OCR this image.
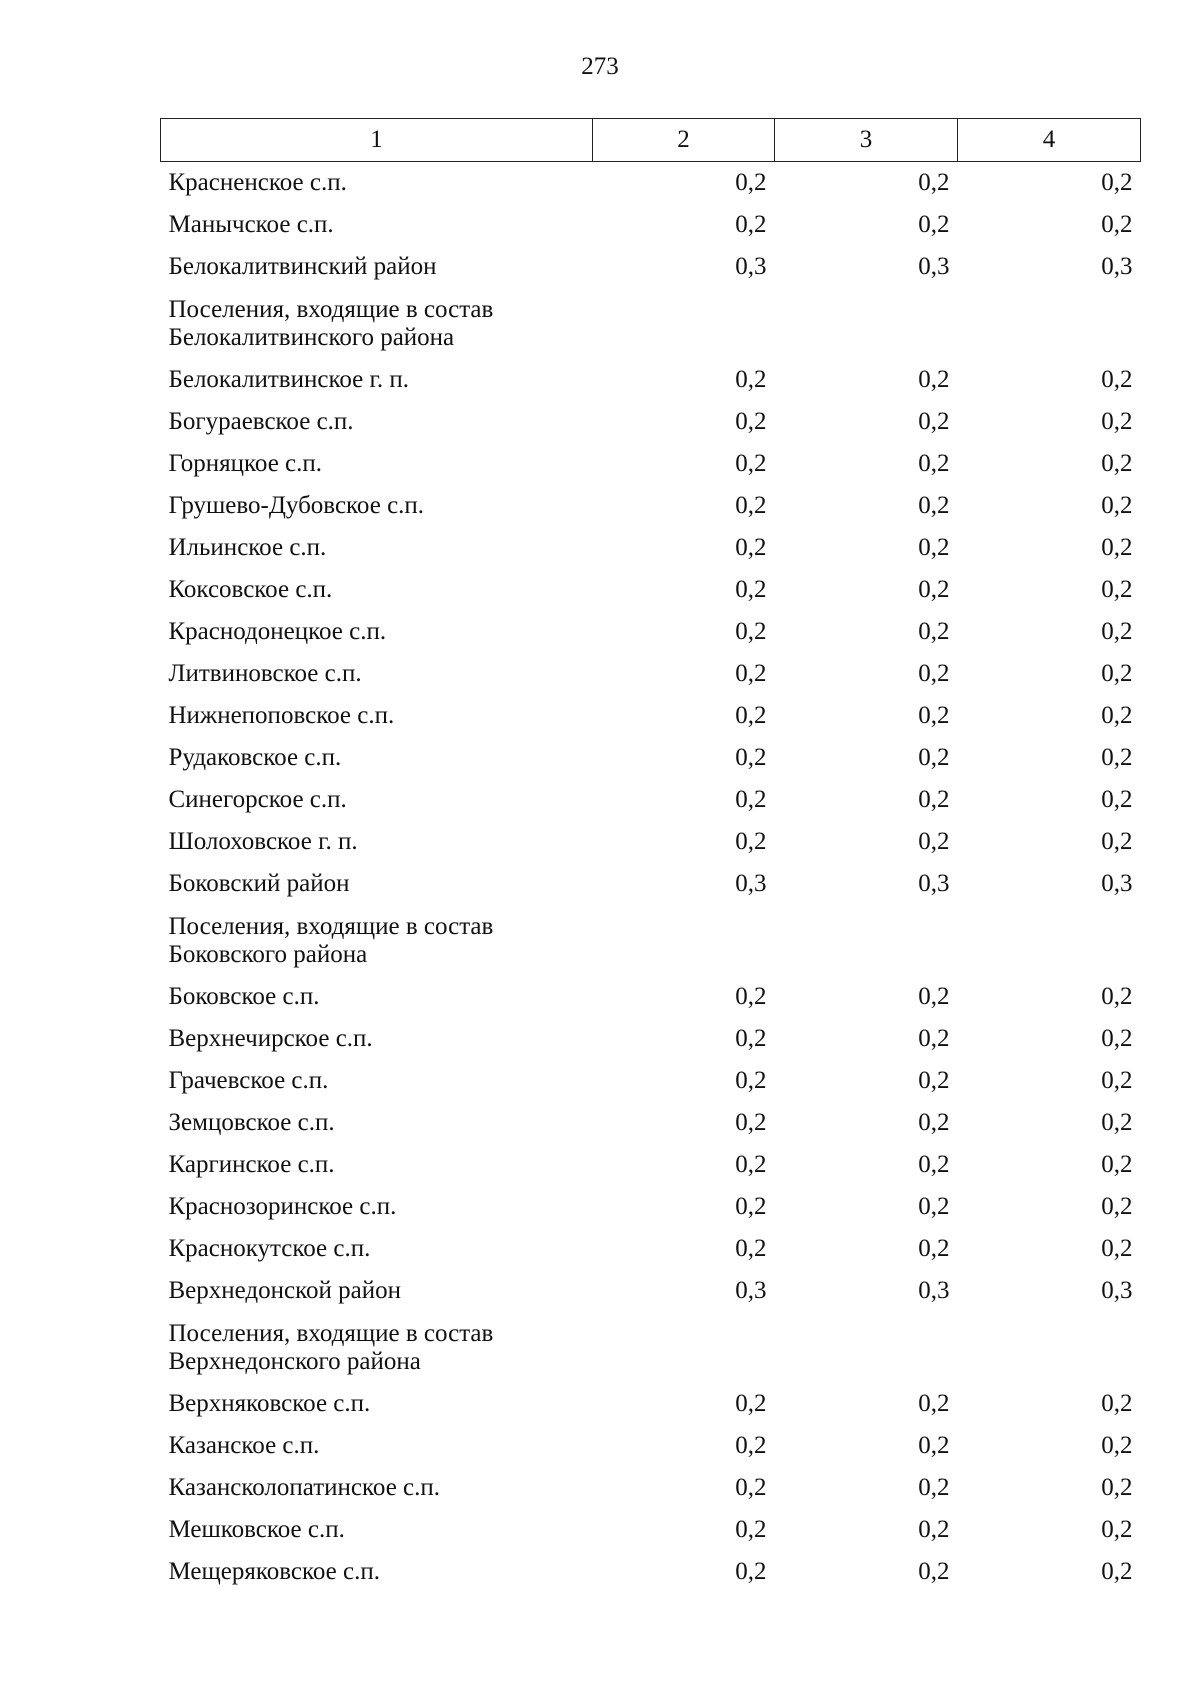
273
1	2	3	4
Красненское с.п.	0,2	0,2	0,2
Манычское с.п.	0,2	0,2	0,2
Белокалитвинский район	0,3	0,3	0,3
Поселения, входящие в состав Белокалитвинского района			
Белокалитвинское г. п.	0,2	0,2	0,2
Богураевское с.п.	0,2	0,2	0,2
Горняцкое с.п.	0,2	0,2	0,2
Грушево-Дубовское с.п.	0,2	0,2	0,2
Ильинское с.п.	0,2	0,2	0,2
Коксовское с.п.	0,2	0,2	0,2
Краснодонецкое с.п.	0,2	0,2	0,2
Литвиновское с.п.	0,2	0,2	0,2
Нижнепоповское с.п.	0,2	0,2	0,2
Рудаковское с.п.	0,2	0,2	0,2
Синегорское с.п.	0,2	0,2	0,2
Шолоховское г. п.	0,2	0,2	0,2
Боковский район	0,3	0,3	0,3
Поселения, входящие в состав Боковского района			
Боковское с.п.	0,2	0,2	0,2
Верхнечирское с.п.	0,2	0,2	0,2
Грачевское с.п.	0,2	0,2	0,2
Земцовское с.п.	0,2	0,2	0,2
Каргинское с.п.	0,2	0,2	0,2
Краснозоринское с.п.	0,2	0,2	0,2
Краснокутское с.п.	0,2	0,2	0,2
Верхнедонской район	0,3	0,3	0,3
Поселения, входящие в состав Верхнедонского района			
Верхняковское с.п.	0,2	0,2	0,2
Казанское с.п.	0,2	0,2	0,2
Казансколопатинское с.п.	0,2	0,2	0,2
Мешковское с.п.	0,2	0,2	0,2
Мещеряковское с.п.	0,2	0,2	0,2
